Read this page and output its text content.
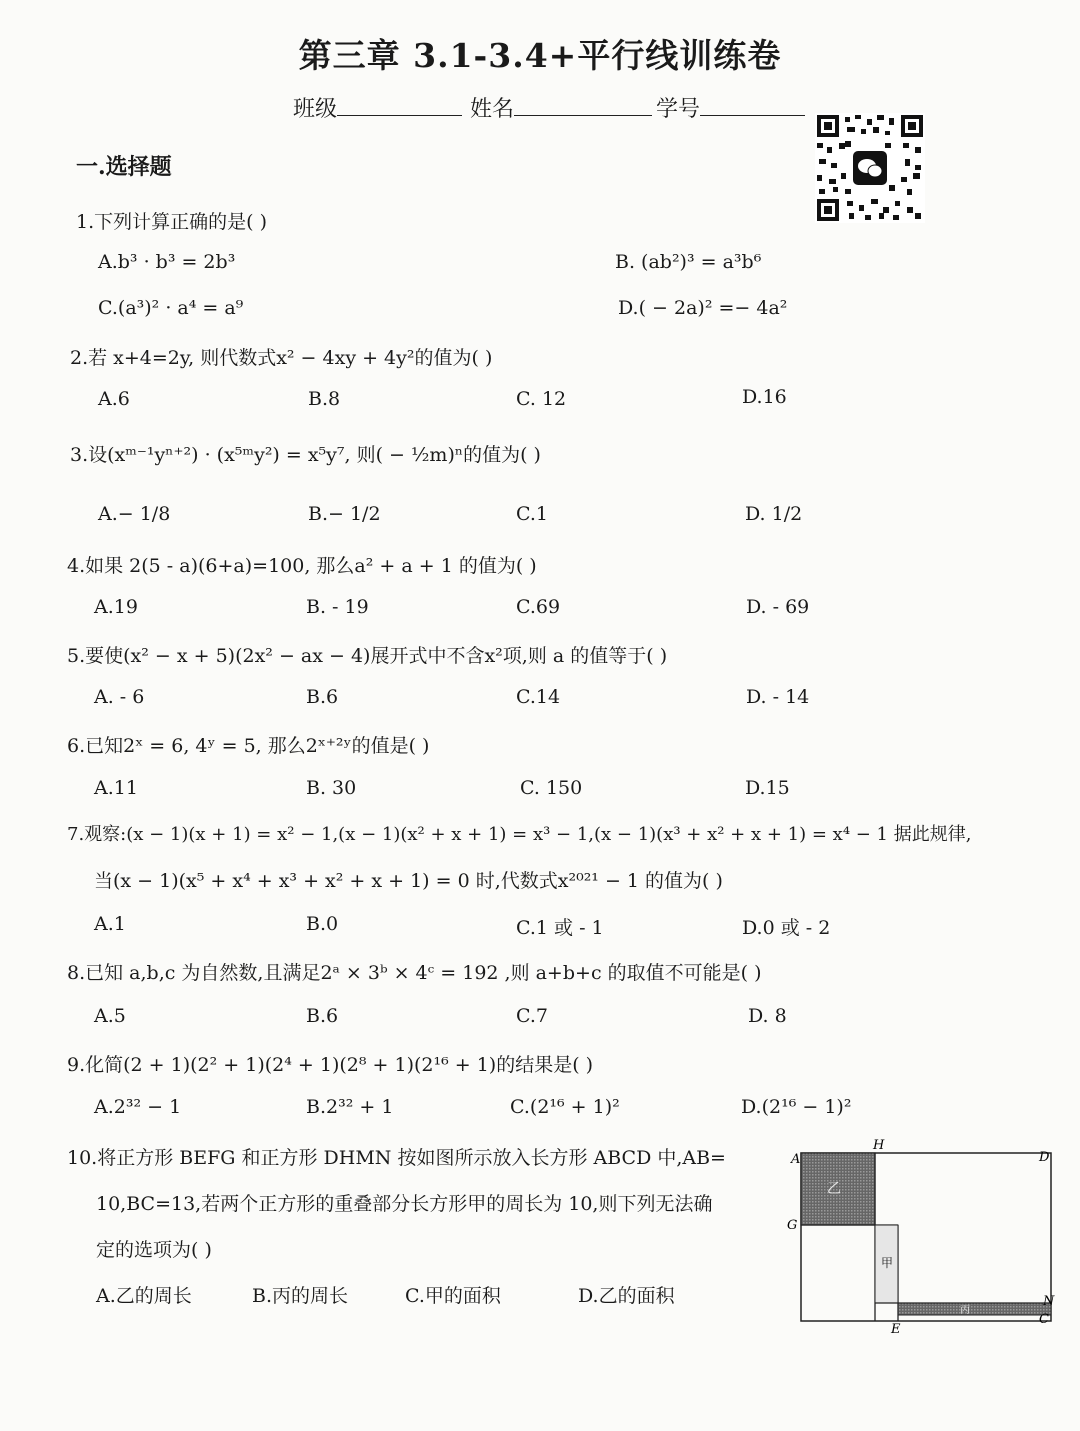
第三章 3.1-3.4+平行线训练卷
班级	姓名	学号
一.选择题
1.下列计算正确的是( )
A.b³ · b³ = 2b³	B. (ab²)³ = a³b⁶
C.(a³)² · a⁴ = a⁹	D.( − 2a)² =− 4a²
2.若 x+4=2y, 则代数式x² − 4xy + 4y²的值为( )
A.6	B.8	C. 12	D.16
3.设(xᵐ⁻¹yⁿ⁺²) · (x⁵ᵐy²) = x⁵y⁷, 则( − ½m)ⁿ的值为( )
A.− 1/8	B.− 1/2	C.1	D. 1/2
4.如果 2(5 - a)(6+a)=100, 那么a² + a + 1 的值为( )
A.19	B. - 19	C.69	D. - 69
5.要使(x² − x + 5)(2x² − ax − 4)展开式中不含x²项,则 a 的值等于( )
A. - 6	B.6	C.14	D. - 14
6.已知2ˣ = 6, 4ʸ = 5, 那么2ˣ⁺²ʸ的值是( )
A.11	B. 30	C. 150	D.15
7.观察:(x − 1)(x + 1) = x² − 1,(x − 1)(x² + x + 1) = x³ − 1,(x − 1)(x³ + x² + x + 1) = x⁴ − 1 据此规律,
当(x − 1)(x⁵ + x⁴ + x³ + x² + x + 1) = 0 时,代数式x²⁰²¹ − 1 的值为( )
A.1	B.0	C.1 或 - 1	D.0 或 - 2
8.已知 a,b,c 为自然数,且满足2ᵃ × 3ᵇ × 4ᶜ = 192 ,则 a+b+c 的取值不可能是( )
A.5	B.6	C.7	D. 8
9.化简(2 + 1)(2² + 1)(2⁴ + 1)(2⁸ + 1)(2¹⁶ + 1)的结果是( )
A.2³² − 1	B.2³² + 1	C.(2¹⁶ + 1)²	D.(2¹⁶ − 1)²
10.将正方形 BEFG 和正方形 DHMN 按如图所示放入长方形 ABCD 中,AB=
10,BC=13,若两个正方形的重叠部分长方形甲的周长为 10,则下列无法确
定的选项为( )
A.乙的周长	B.丙的周长	C.甲的面积	D.乙的面积
A
H
D
G
E
N
C
乙
甲
丙
